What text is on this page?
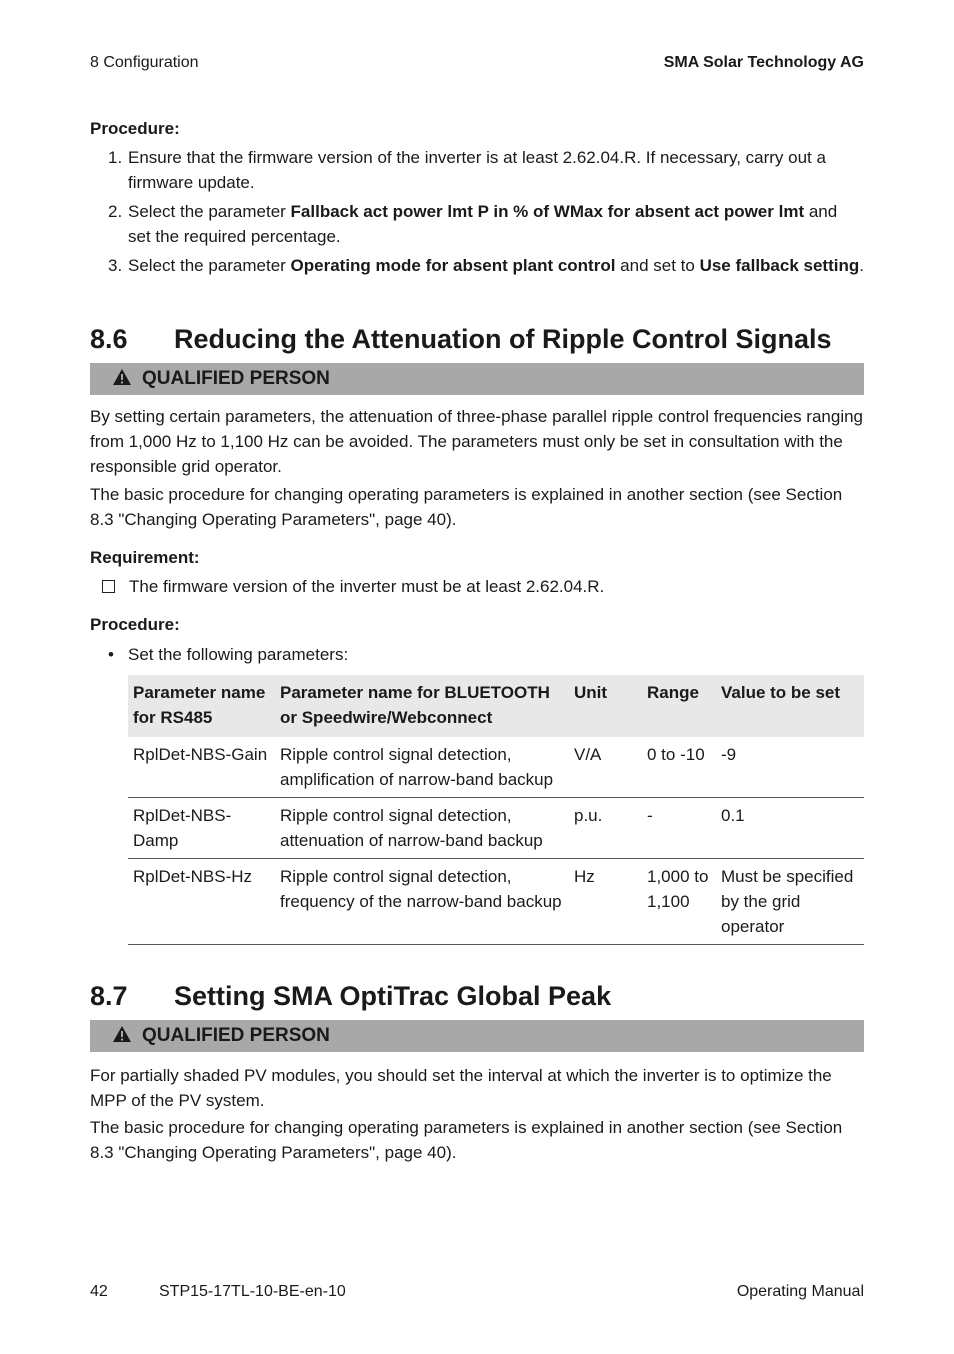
8 Configuration	SMA Solar Technology AG
Procedure:
1. Ensure that the firmware version of the inverter is at least 2.62.04.R. If necessary, carry out a firmware update.
2. Select the parameter Fallback act power lmt P in % of WMax for absent act power lmt and set the required percentage.
3. Select the parameter Operating mode for absent plant control and set to Use fallback setting.
8.6 Reducing the Attenuation of Ripple Control Signals
QUALIFIED PERSON

By setting certain parameters, the attenuation of three-phase parallel ripple control frequencies ranging from 1,000 Hz to 1,100 Hz can be avoided. The parameters must only be set in consultation with the responsible grid operator.

The basic procedure for changing operating parameters is explained in another section (see Section 8.3 "Changing Operating Parameters", page 40).

Requirement:
The firmware version of the inverter must be at least 2.62.04.R.
Procedure:
• Set the following parameters:
Parameter name for RS485	Parameter name for BLUETOOTH or Speedwire/Webconnect	Unit	Range	Value to be set
RplDet-NBS-Gain	Ripple control signal detection, amplification of narrow-band backup	V/A	0 to -10	-9
RplDet-NBS-Damp	Ripple control signal detection, attenuation of narrow-band backup	p.u.	-	0.1
RplDet-NBS-Hz	Ripple control signal detection, frequency of the narrow-band backup	Hz	1,000 to 1,100	Must be specified by the grid operator
8.7 Setting SMA OptiTrac Global Peak
QUALIFIED PERSON

For partially shaded PV modules, you should set the interval at which the inverter is to optimize the MPP of the PV system.

The basic procedure for changing operating parameters is explained in another section (see Section 8.3 "Changing Operating Parameters", page 40).

42	STP15-17TL-10-BE-en-10	Operating Manual
